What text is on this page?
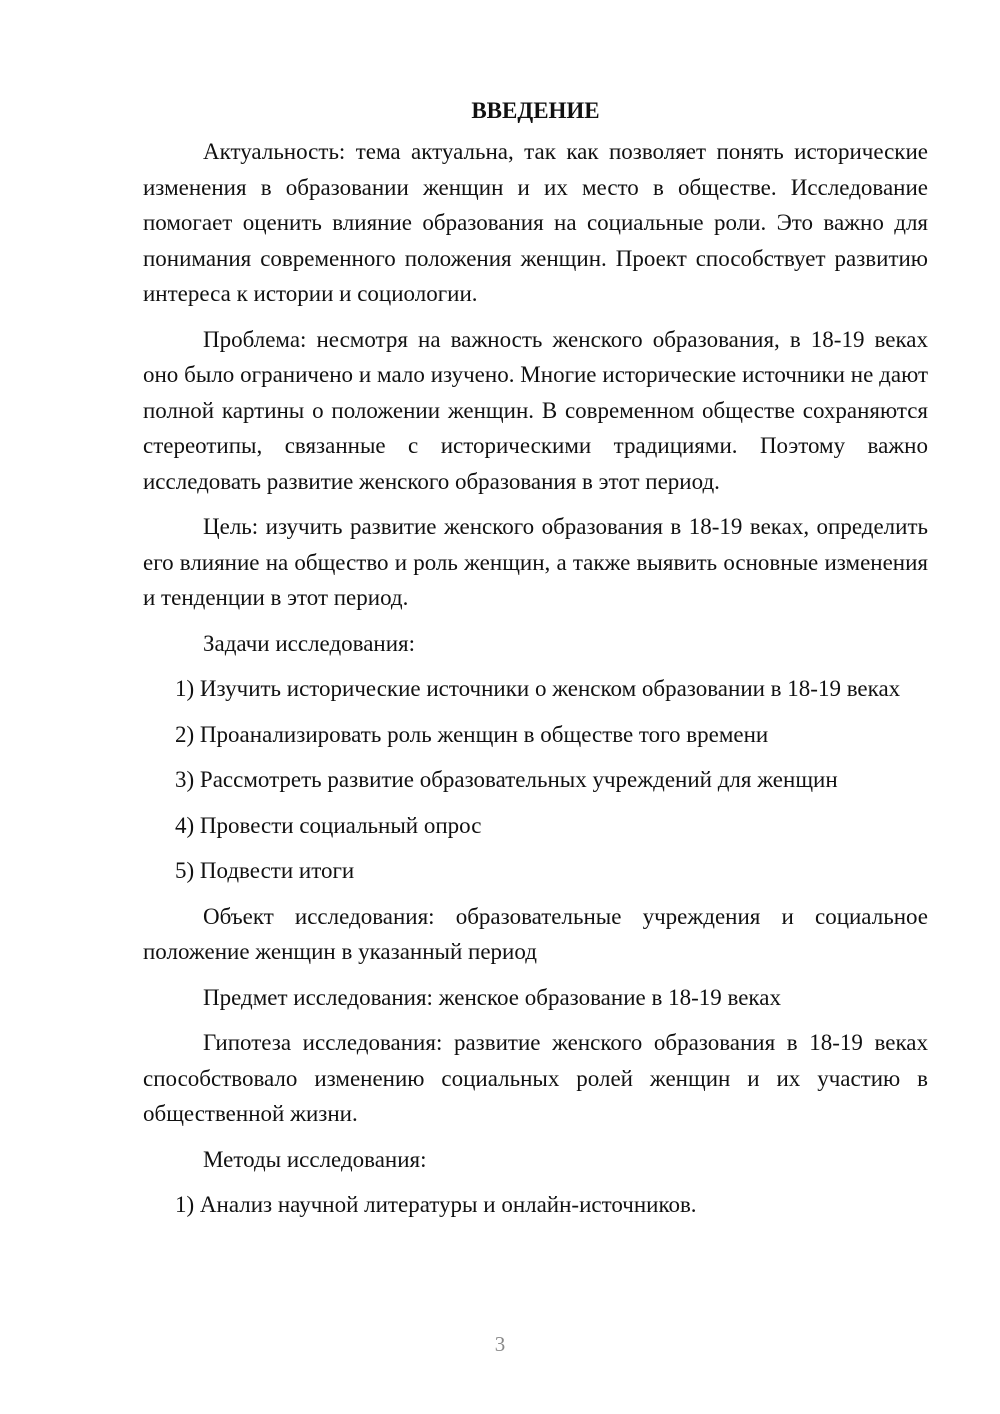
ВВЕДЕНИЕ

Актуальность: тема актуальна, так как позволяет понять исторические изменения в образовании женщин и их место в обществе. Исследование помогает оценить влияние образования на социальные роли. Это важно для понимания современного положения женщин. Проект способствует развитию интереса к истории и социологии.

Проблема: несмотря на важность женского образования, в 18-19 веках оно было ограничено и мало изучено. Многие исторические источники не дают полной картины о положении женщин. В современном обществе сохраняются стереотипы, связанные с историческими традициями. Поэтому важно исследовать развитие женского образования в этот период.

Цель: изучить развитие женского образования в 18-19 веках, определить его влияние на общество и роль женщин, а также выявить основные изменения и тенденции в этот период.

Задачи исследования:

1) Изучить исторические источники о женском образовании в 18-19 веках

2) Проанализировать роль женщин в обществе того времени

3) Рассмотреть развитие образовательных учреждений для женщин

4) Провести социальный опрос

5) Подвести итоги

Объект исследования: образовательные учреждения и социальное положение женщин в указанный период

Предмет исследования: женское образование в 18-19 веках

Гипотеза исследования: развитие женского образования в 18-19 веках способствовало изменению социальных ролей женщин и их участию в общественной жизни.

Методы исследования:

1) Анализ научной литературы и онлайн-источников.

3
